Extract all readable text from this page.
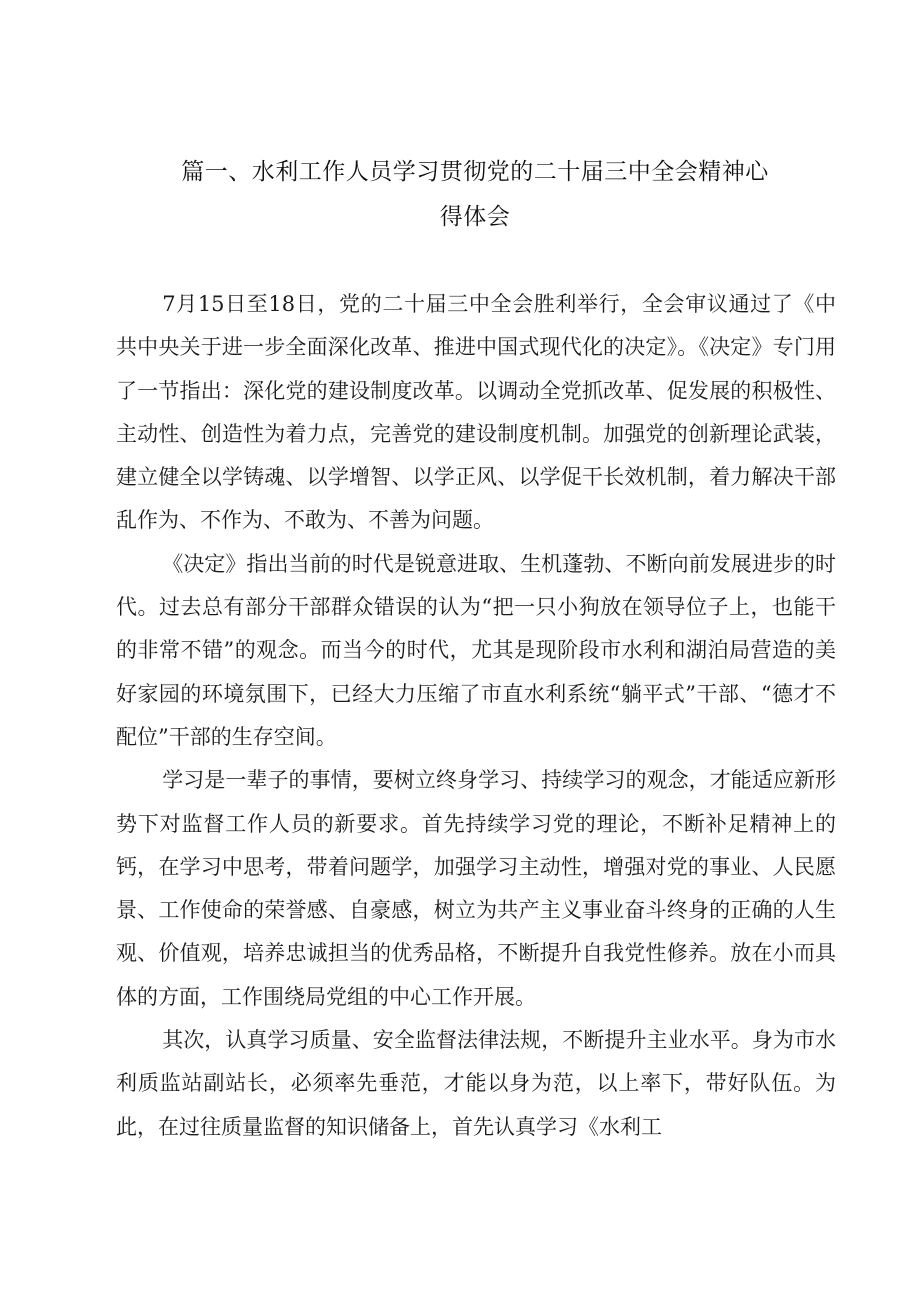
篇一、水利工作人员学习贯彻党的二十届三中全会精神心
得体会

7月15日至18日，党的二十届三中全会胜利举行，全会审议通过了《中共中央关于进一步全面深化改革、推进中国式现代化的决定》。《决定》专门用了一节指出：深化党的建设制度改革。以调动全党抓改革、促发展的积极性、主动性、创造性为着力点，完善党的建设制度机制。加强党的创新理论武装，建立健全以学铸魂、以学增智、以学正风、以学促干长效机制，着力解决干部乱作为、不作为、不敢为、不善为问题。

《决定》指出当前的时代是锐意进取、生机蓬勃、不断向前发展进步的时代。过去总有部分干部群众错误的认为“把一只小狗放在领导位子上，也能干的非常不错”的观念。而当今的时代，尤其是现阶段市水利和湖泊局营造的美好家园的环境氛围下，已经大力压缩了市直水利系统“躺平式”干部、“德才不配位”干部的生存空间。

学习是一辈子的事情，要树立终身学习、持续学习的观念，才能适应新形势下对监督工作人员的新要求。首先持续学习党的理论，不断补足精神上的钙，在学习中思考，带着问题学，加强学习主动性，增强对党的事业、人民愿景、工作使命的荣誉感、自豪感，树立为共产主义事业奋斗终身的正确的人生观、价值观，培养忠诚担当的优秀品格，不断提升自我党性修养。放在小而具体的方面，工作围绕局党组的中心工作开展。

其次，认真学习质量、安全监督法律法规，不断提升主业水平。身为市水利质监站副站长，必须率先垂范，才能以身为范，以上率下，带好队伍。为此，在过往质量监督的知识储备上，首先认真学习《水利工
